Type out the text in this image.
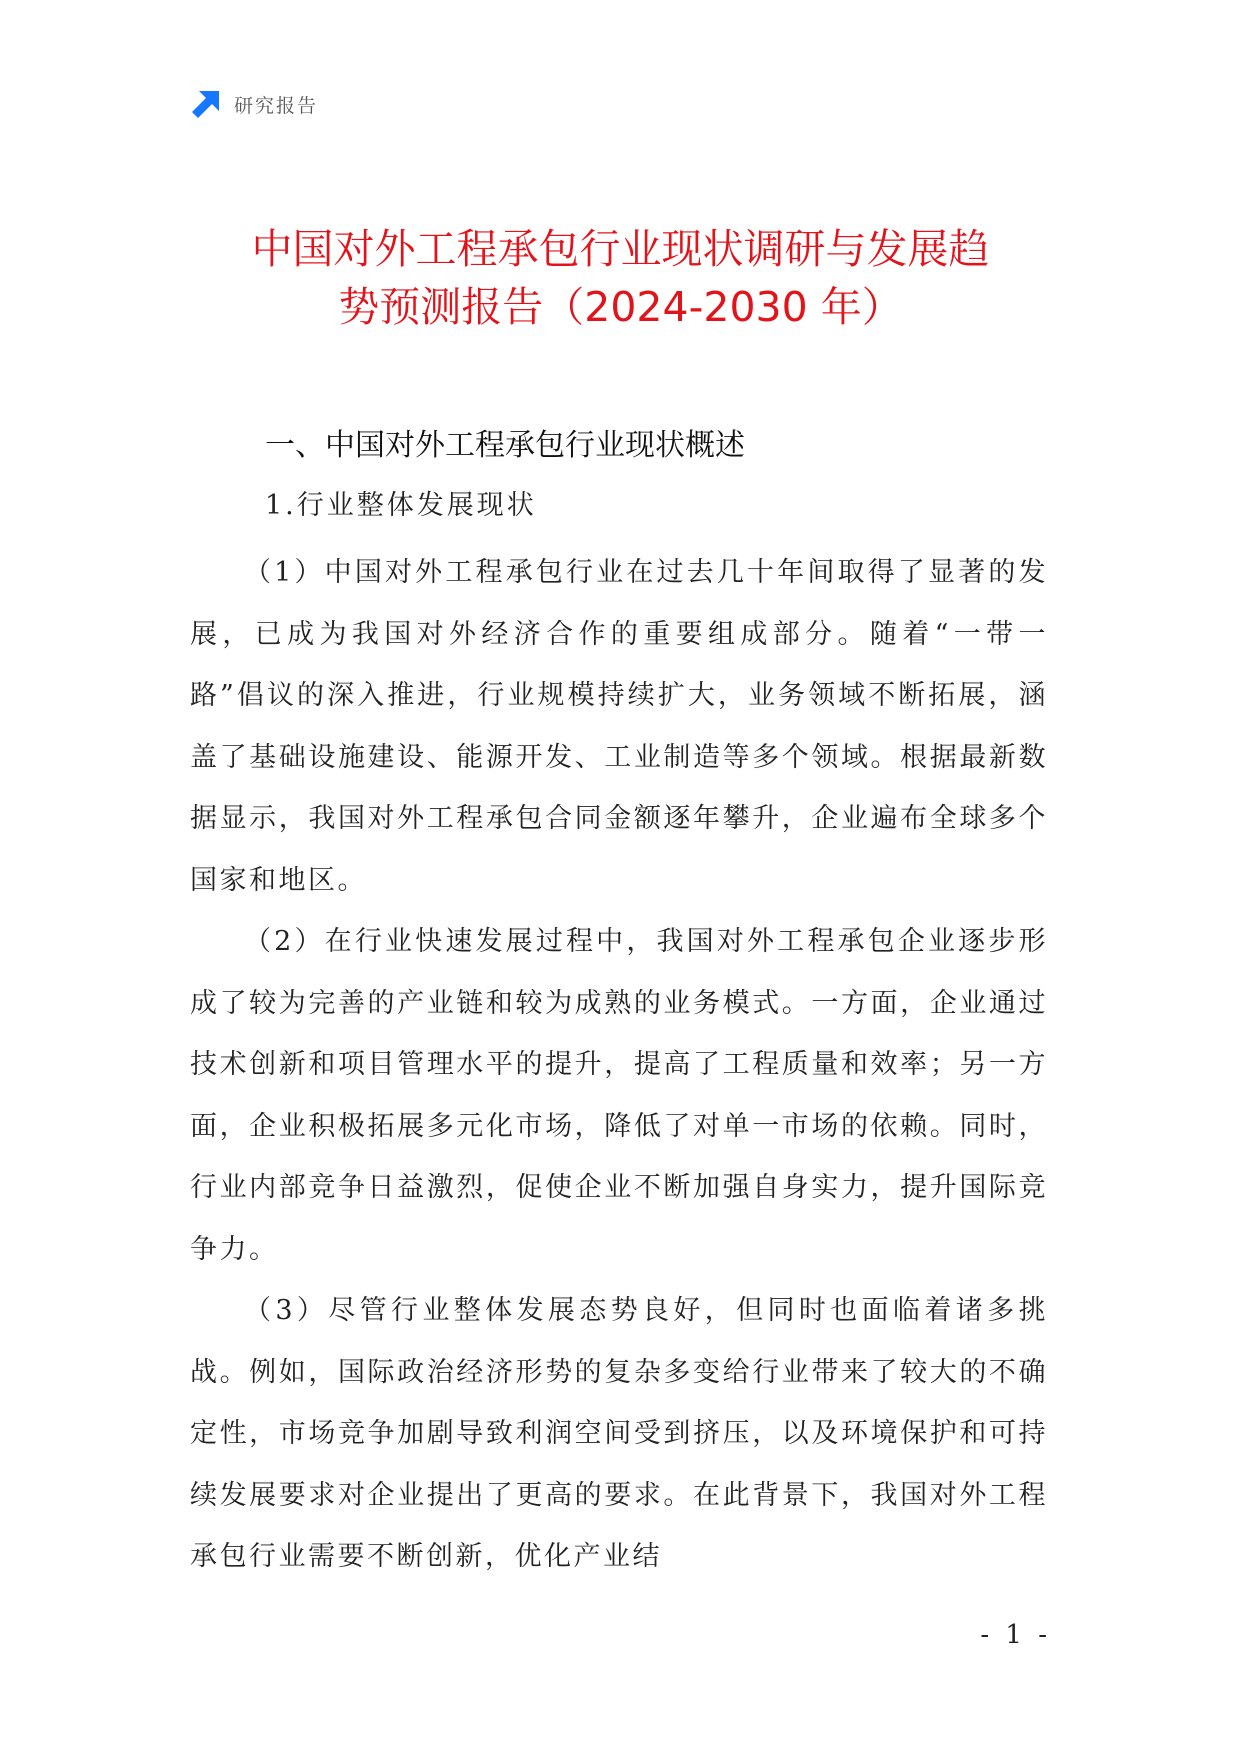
研究报告
中国对外工程承包行业现状调研与发展趋
势预测报告（2024-2030 年）
一、中国对外工程承包行业现状概述
1.行业整体发展现状

（1）中国对外工程承包行业在过去几十年间取得了显著的发展，已成为我国对外经济合作的重要组成部分。随着“一带一路”倡议的深入推进，行业规模持续扩大，业务领域不断拓展，涵盖了基础设施建设、能源开发、工业制造等多个领域。根据最新数据显示，我国对外工程承包合同金额逐年攀升，企业遍布全球多个国家和地区。

（2）在行业快速发展过程中，我国对外工程承包企业逐步形成了较为完善的产业链和较为成熟的业务模式。一方面，企业通过技术创新和项目管理水平的提升，提高了工程质量和效率；另一方面，企业积极拓展多元化市场，降低了对单一市场的依赖。同时，行业内部竞争日益激烈，促使企业不断加强自身实力，提升国际竞争力。

（3）尽管行业整体发展态势良好，但同时也面临着诸多挑战。例如，国际政治经济形势的复杂多变给行业带来了较大的不确定性，市场竞争加剧导致利润空间受到挤压，以及环境保护和可持续发展要求对企业提出了更高的要求。在此背景下，我国对外工程承包行业需要不断创新，优化产业结

- 1 -
